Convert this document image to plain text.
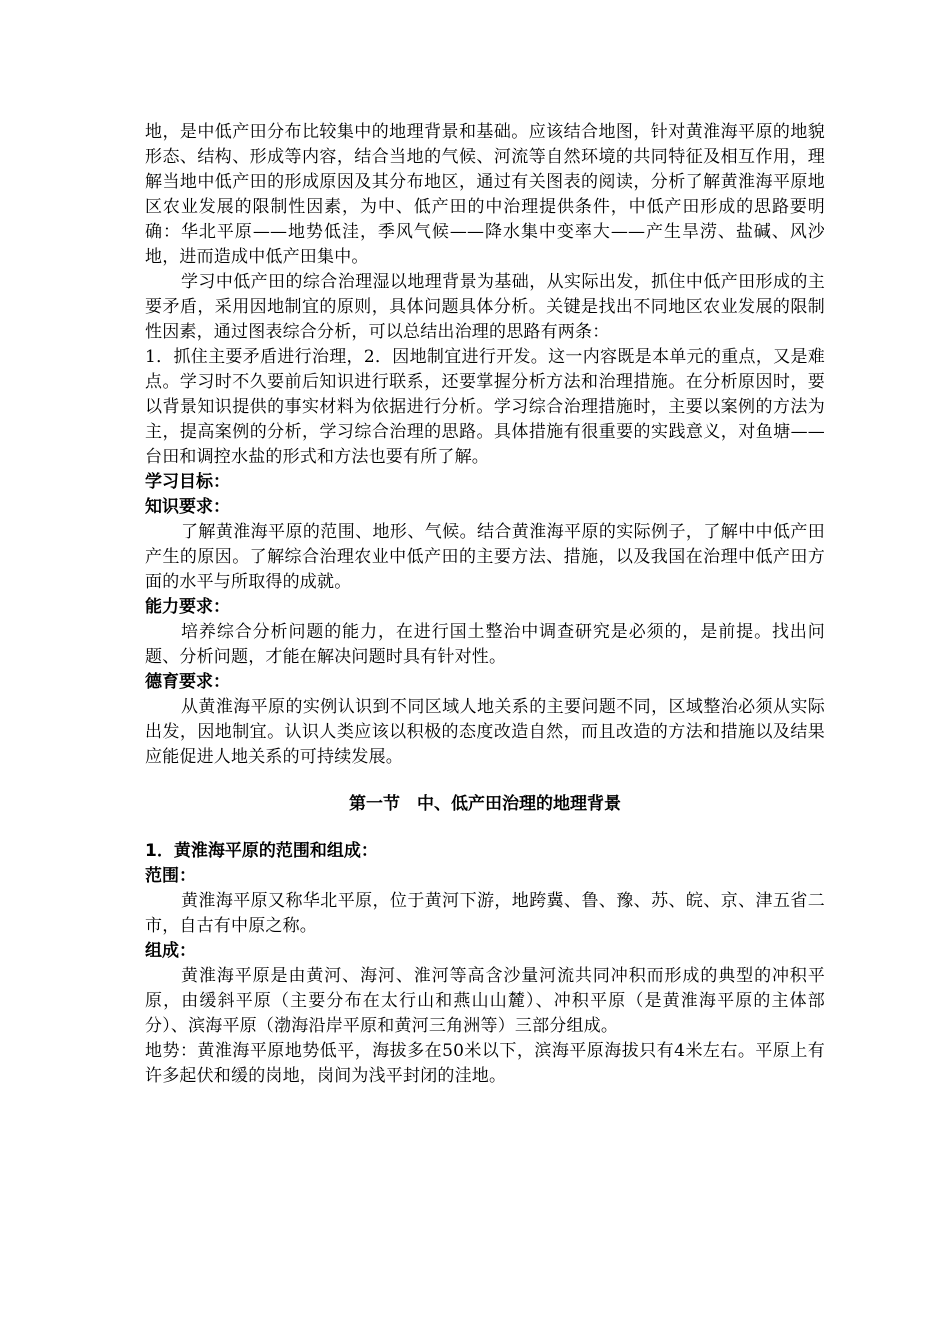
地，是中低产田分布比较集中的地理背景和基础。应该结合地图，针对黄淮海平原的地貌形态、结构、形成等内容，结合当地的气候、河流等自然环境的共同特征及相互作用，理解当地中低产田的形成原因及其分布地区，通过有关图表的阅读，分析了解黄淮海平原地区农业发展的限制性因素，为中、低产田的中治理提供条件，中低产田形成的思路要明确：华北平原——地势低洼，季风气候——降水集中变率大——产生旱涝、盐碱、风沙地，进而造成中低产田集中。

学习中低产田的综合治理湿以地理背景为基础，从实际出发，抓住中低产田形成的主要矛盾，采用因地制宜的原则，具体问题具体分析。关键是找出不同地区农业发展的限制性因素，通过图表综合分析，可以总结出治理的思路有两条：

1．抓住主要矛盾进行治理，2．因地制宜进行开发。这一内容既是本单元的重点，又是难点。学习时不久要前后知识进行联系，还要掌握分析方法和治理措施。在分析原因时，要以背景知识提供的事实材料为依据进行分析。学习综合治理措施时，主要以案例的方法为主，提高案例的分析，学习综合治理的思路。具体措施有很重要的实践意义，对鱼塘——台田和调控水盐的形式和方法也要有所了解。

学习目标：

知识要求：

了解黄淮海平原的范围、地形、气候。结合黄淮海平原的实际例子，了解中中低产田产生的原因。了解综合治理农业中低产田的主要方法、措施，以及我国在治理中低产田方面的水平与所取得的成就。

能力要求：

培养综合分析问题的能力，在进行国土整治中调查研究是必须的，是前提。找出问题、分析问题，才能在解决问题时具有针对性。

德育要求：

从黄淮海平原的实例认识到不同区域人地关系的主要问题不同，区域整治必须从实际出发，因地制宜。认识人类应该以积极的态度改造自然，而且改造的方法和措施以及结果应能促进人地关系的可持续发展。

第一节　中、低产田治理的地理背景

1．黄淮海平原的范围和组成：

范围：

黄淮海平原又称华北平原，位于黄河下游，地跨冀、鲁、豫、苏、皖、京、津五省二市，自古有中原之称。

组成：

黄淮海平原是由黄河、海河、淮河等高含沙量河流共同冲积而形成的典型的冲积平原，由缓斜平原（主要分布在太行山和燕山山麓）、冲积平原（是黄淮海平原的主体部分）、滨海平原（渤海沿岸平原和黄河三角洲等）三部分组成。

地势：黄淮海平原地势低平，海拔多在50米以下，滨海平原海拔只有4米左右。平原上有许多起伏和缓的岗地，岗间为浅平封闭的洼地。
